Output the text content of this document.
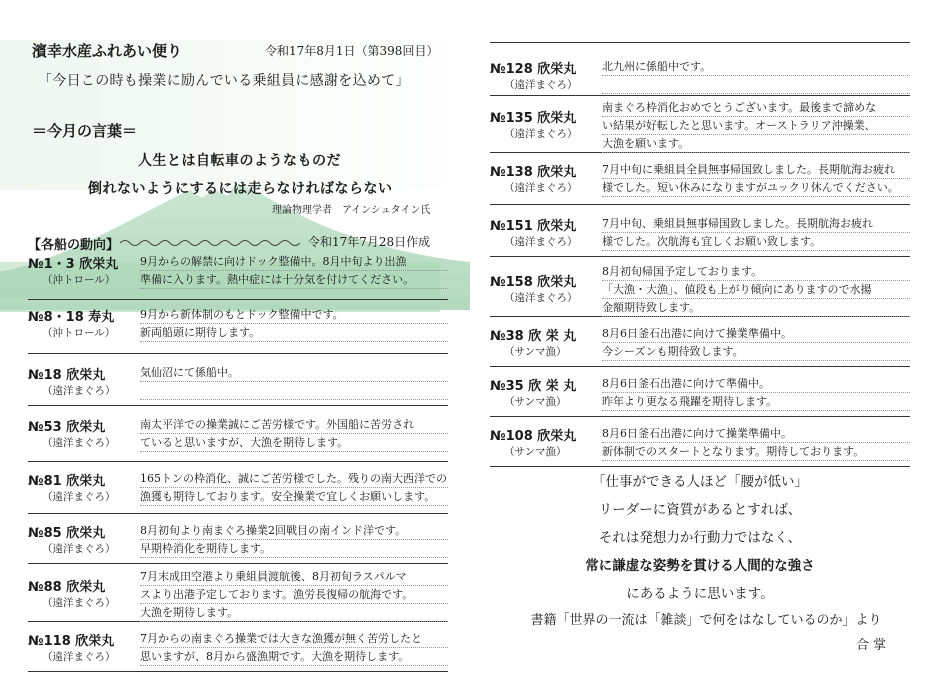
濱幸水産ふれあい便り	令和17年8月1日（第398回目）
「今日この時も操業に励んでいる乗組員に感謝を込めて」
＝今月の言葉＝
人生とは自転車のようなものだ
倒れないようにするには走らなければならない
理論物理学者　アインシュタイン氏
【各船の動向】	令和17年7月28日作成
№1・3 欣栄丸
（沖トロール）
9月からの解禁に向けドック整備中。8月中旬より出漁
準備に入ります。熱中症には十分気を付けてください。
№8・18 寿丸
（沖トロール）
9月から新体制のもとドック整備中です。
新両船頭に期待します。
№18 欣栄丸
（遠洋まぐろ）
気仙沼にて係船中。
№53 欣栄丸
（遠洋まぐろ）
南太平洋での操業誠にご苦労様です。外国船に苦労され
ていると思いますが、大漁を期待します。
№81 欣栄丸
（遠洋まぐろ）
165トンの枠消化、誠にご苦労様でした。残りの南大西洋での
漁獲も期待しております。安全操業で宜しくお願いします。
№85 欣栄丸
（遠洋まぐろ）
8月初旬より南まぐろ操業2回戦目の南インド洋です。
早期枠消化を期待します。
№88 欣栄丸
（遠洋まぐろ）
7月末成田空港より乗組員渡航後、8月初旬ラスパルマ
スより出港予定しております。漁労長復帰の航海です。
大漁を期待します。
№118 欣栄丸
（遠洋まぐろ）
7月からの南まぐろ操業では大きな漁獲が無く苦労したと
思いますが、8月から盛漁期です。大漁を期待します。
№128 欣栄丸
（遠洋まぐろ）
北九州に係船中です。
№135 欣栄丸
（遠洋まぐろ）
南まぐろ枠消化おめでとうございます。最後まで諦めな
い結果が好転したと思います。オーストラリア沖操業、
大漁を願います。
№138 欣栄丸
（遠洋まぐろ）
7月中旬に乗組員全員無事帰国致しました。長期航海お疲れ
様でした。短い休みになりますがユックリ休んでください。
№151 欣栄丸
（遠洋まぐろ）
7月中旬、乗組員無事帰国致しました。長期航海お疲れ
様でした。次航海も宜しくお願い致します。
№158 欣栄丸
（遠洋まぐろ）
8月初旬帰国予定しております。
「大漁・大漁」、値段も上がり傾向にありますので水揚
金額期待致します。
№38 欣 栄 丸
（サンマ漁）
8月6日釜石出港に向けて操業準備中。
今シーズンも期待致します。
№35 欣 栄 丸
（サンマ漁）
8月6日釜石出港に向けて準備中。
昨年より更なる飛躍を期待します。
№108 欣栄丸
（サンマ漁）
8月6日釜石出港に向けて操業準備中。
新体制でのスタートとなります。期待しております。
「仕事ができる人ほど「腰が低い」
リーダーに資質があるとすれば、
それは発想力か行動力ではなく、
常に謙虚な姿勢を貫ける人間的な強さ
にあるように思います。
書籍「世界の一流は「雑談」で何をはなしているのか」より
合掌
